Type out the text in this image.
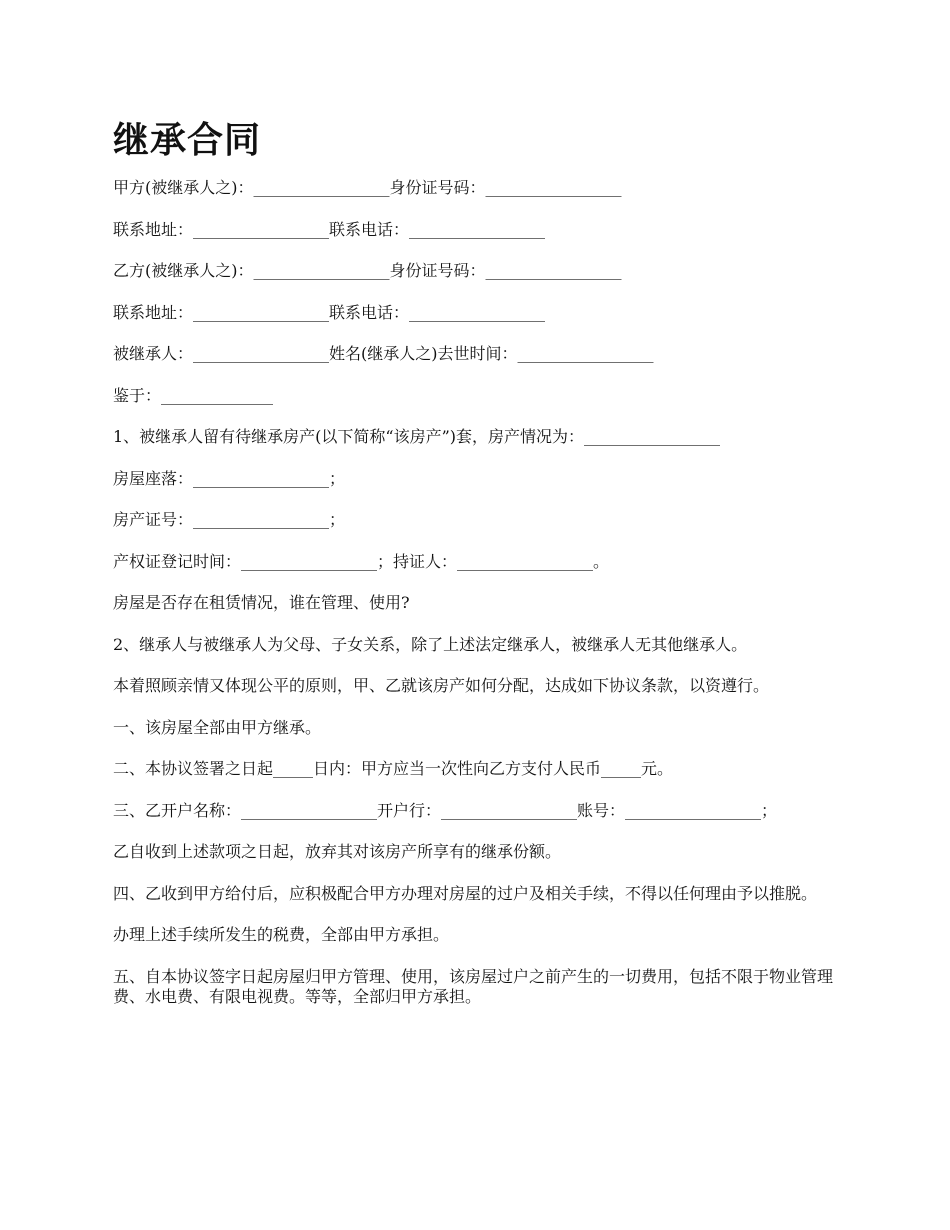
继承合同

甲方(被继承人之)：_________________身份证号码：_________________

联系地址：_________________联系电话：_________________

乙方(被继承人之)：_________________身份证号码：_________________

联系地址：_________________联系电话：_________________

被继承人：_________________姓名(继承人之)去世时间：_________________

鉴于：______________

1、被继承人留有待继承房产(以下简称“该房产”)套，房产情况为：_________________

房屋座落：_________________；

房产证号：_________________；

产权证登记时间：_________________；持证人：_________________。

房屋是否存在租赁情况，谁在管理、使用?

2、继承人与被继承人为父母、子女关系，除了上述法定继承人，被继承人无其他继承人。

本着照顾亲情又体现公平的原则，甲、乙就该房产如何分配，达成如下协议条款，以资遵行。

一、该房屋全部由甲方继承。

二、本协议签署之日起_____日内：甲方应当一次性向乙方支付人民币_____元。

三、乙开户名称：_________________开户行：_________________账号：_________________；

乙自收到上述款项之日起，放弃其对该房产所享有的继承份额。

四、乙收到甲方给付后，应积极配合甲方办理对房屋的过户及相关手续，不得以任何理由予以推脱。

办理上述手续所发生的税费，全部由甲方承担。

五、自本协议签字日起房屋归甲方管理、使用，该房屋过户之前产生的一切费用，包括不限于物业管理费、水电费、有限电视费。等等，全部归甲方承担。
